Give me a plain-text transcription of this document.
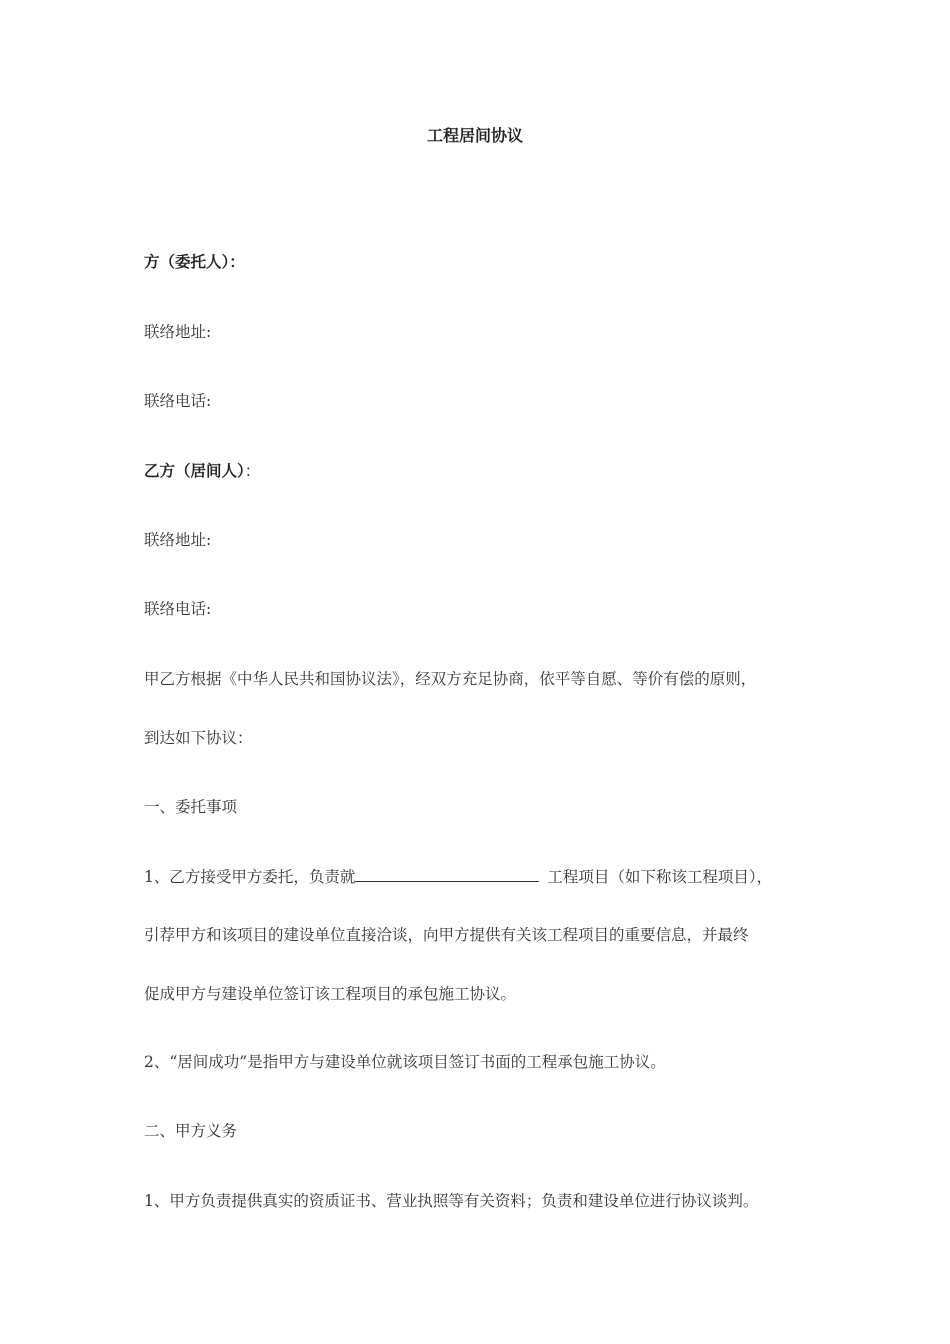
工程居间协议
方（委托人）：
联络地址:
联络电话:
乙方（居间人）：
联络地址:
联络电话:
甲乙方根据《中华人民共和国协议法》，经双方充足协商，依平等自愿、等价有偿的原则，
到达如下协议：
一、委托事项
1、乙方接受甲方委托，负责就	工程项目（如下称该工程项目），
引荐甲方和该项目的建设单位直接洽谈，向甲方提供有关该工程项目的重要信息，并最终
促成甲方与建设单位签订该工程项目的承包施工协议。
2、“居间成功”是指甲方与建设单位就该项目签订书面的工程承包施工协议。
二、甲方义务
1、甲方负责提供真实的资质证书、营业执照等有关资料；负责和建设单位进行协议谈判。
